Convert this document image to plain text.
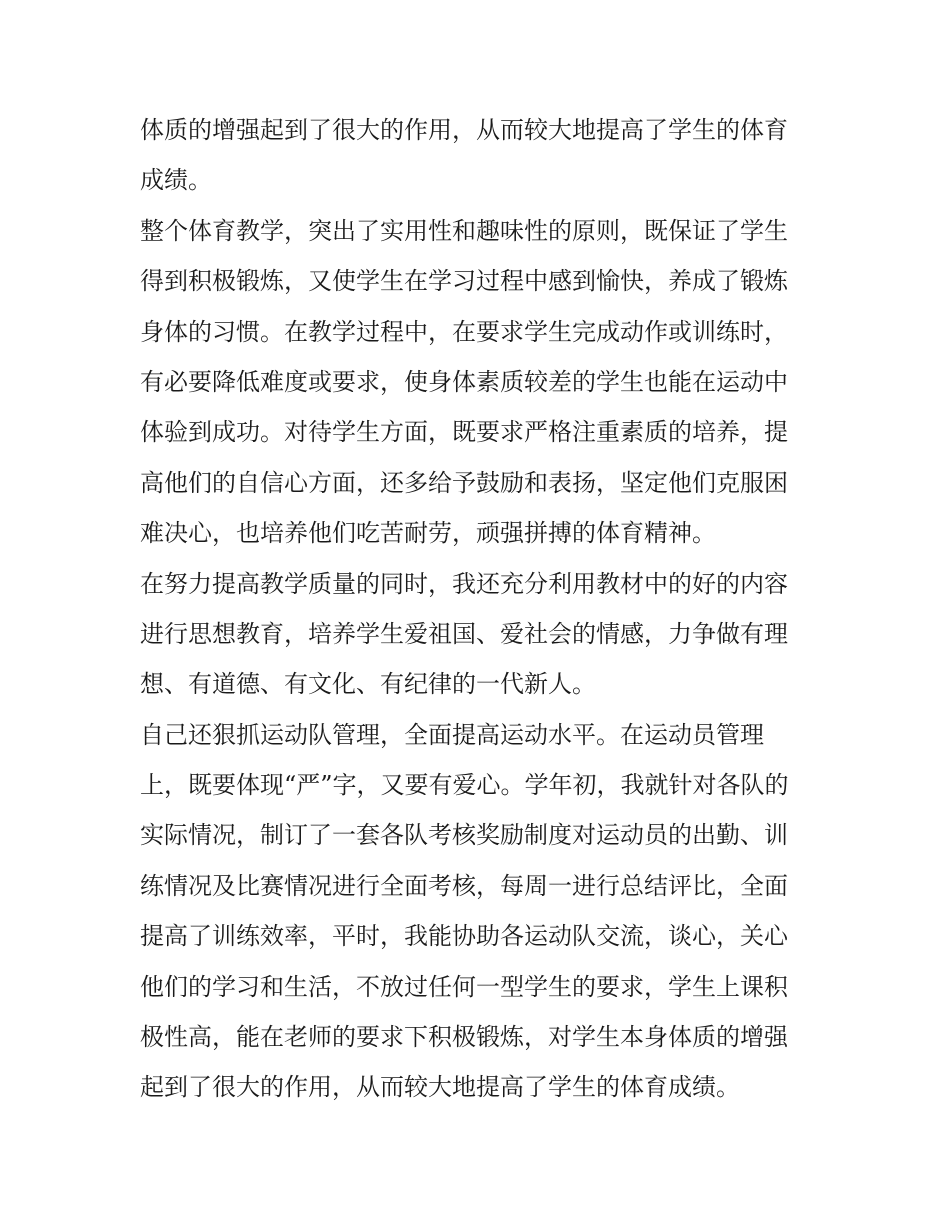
体质的增强起到了很大的作用，从而较大地提高了学生的体育
成绩。
整个体育教学，突出了实用性和趣味性的原则，既保证了学生
得到积极锻炼，又使学生在学习过程中感到愉快，养成了锻炼
身体的习惯。在教学过程中，在要求学生完成动作或训练时，
有必要降低难度或要求，使身体素质较差的学生也能在运动中
体验到成功。对待学生方面，既要求严格注重素质的培养，提
高他们的自信心方面，还多给予鼓励和表扬，坚定他们克服困
难决心，也培养他们吃苦耐劳，顽强拼搏的体育精神。
在努力提高教学质量的同时，我还充分利用教材中的好的内容
进行思想教育，培养学生爱祖国、爱社会的情感，力争做有理
想、有道德、有文化、有纪律的一代新人。
自己还狠抓运动队管理，全面提高运动水平。在运动员管理
上，既要体现“严”字，又要有爱心。学年初，我就针对各队的
实际情况，制订了一套各队考核奖励制度对运动员的出勤、训
练情况及比赛情况进行全面考核，每周一进行总结评比，全面
提高了训练效率，平时，我能协助各运动队交流，谈心，关心
他们的学习和生活，不放过任何一型学生的要求，学生上课积
极性高，能在老师的要求下积极锻炼，对学生本身体质的增强
起到了很大的作用，从而较大地提高了学生的体育成绩。
